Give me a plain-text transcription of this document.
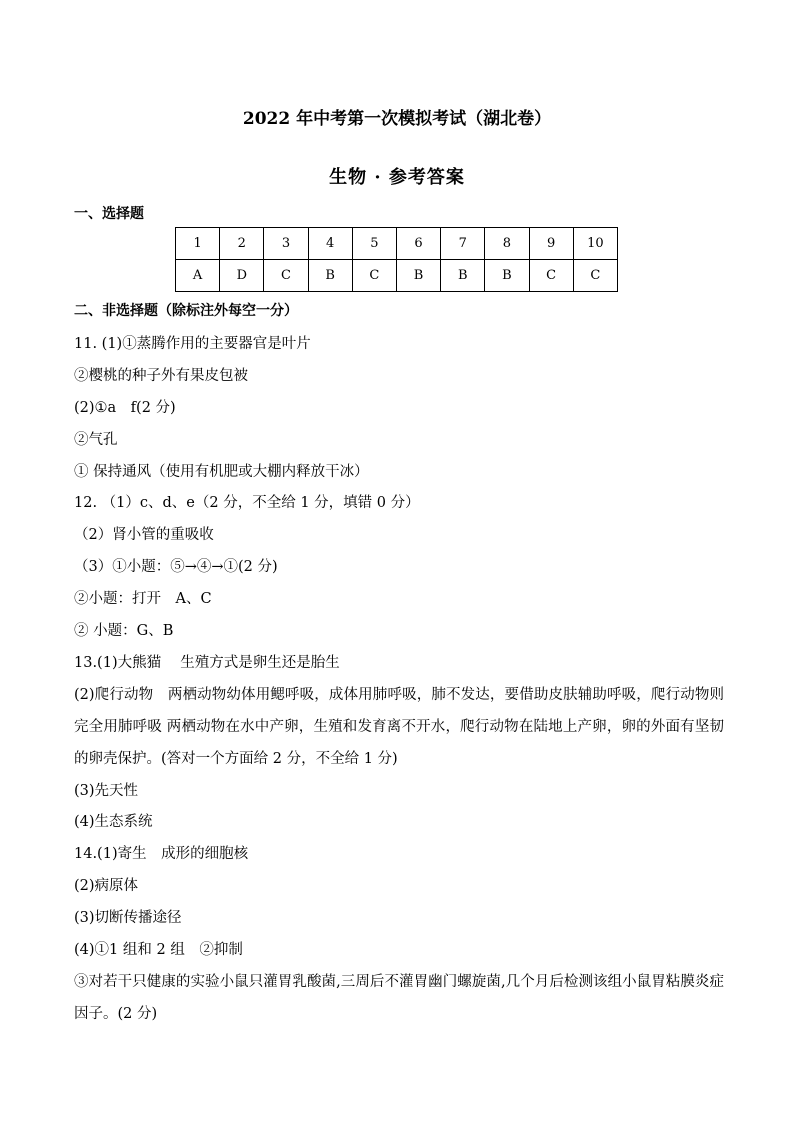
2022 年中考第一次模拟考试（湖北卷）
生物 · 参考答案
一、选择题
1	2	3	4	5	6	7	8	9	10
A	D	C	B	C	B	B	B	C	C
二、非选择题（除标注外每空一分）
11. (1)①蒸腾作用的主要器官是叶片
②樱桃的种子外有果皮包被
(2)①a　f(2 分)
②气孔
① 保持通风（使用有机肥或大棚内释放干冰）
12. （1）c、d、e（2 分，不全给 1 分，填错 0 分）
（2）肾小管的重吸收
（3）①小题：⑤→④→①(2 分)
②小题：打开　A、C
② 小题：G、B
13.(1)大熊猫　 生殖方式是卵生还是胎生
(2)爬行动物　两栖动物幼体用鳃呼吸，成体用肺呼吸，肺不发达，要借助皮肤辅助呼吸，爬行动物则完全用肺呼吸 两栖动物在水中产卵，生殖和发育离不开水，爬行动物在陆地上产卵，卵的外面有坚韧的卵壳保护。(答对一个方面给 2 分，不全给 1 分)
(3)先天性
(4)生态系统
14.(1)寄生　成形的细胞核
(2)病原体
(3)切断传播途径
(4)①1 组和 2 组　②抑制
③对若干只健康的实验小鼠只灌胃乳酸菌,三周后不灌胃幽门螺旋菌,几个月后检测该组小鼠胃粘膜炎症因子。(2 分)
